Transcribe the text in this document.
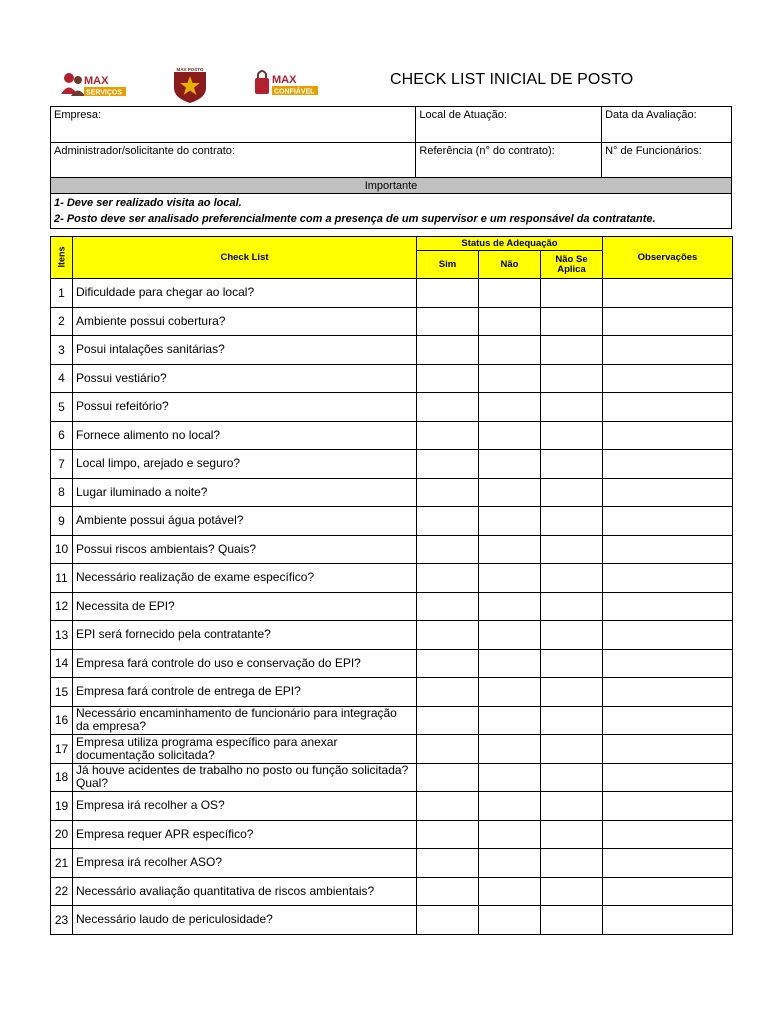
MAX
SERVIÇOS
MAX POSTO
MAX
CONFIÁVEL
CHECK LIST INICIAL DE POSTO
Empresa:	Local de Atuação:	Data da Avaliação:
Administrador/solicitante do contrato:	Referência (n° do contrato):	N° de Funcionários:
Importante

1- Deve ser realizado visita ao local.
2- Posto deve ser analisado preferencialmente com a presença de um supervisor e um responsável da contratante.
Itens	Check List	Status de Adequação			Observações
		Sim	Não	Não Se Aplica	
1	Dificuldade para chegar ao local?				
2	Ambiente possui cobertura?				
3	Posui intalações sanitárias?				
4	Possui vestiário?				
5	Possui refeitório?				
6	Fornece alimento no local?				
7	Local limpo, arejado e seguro?				
8	Lugar iluminado a noite?				
9	Ambiente possui água potável?				
10	Possui riscos ambientais? Quais?				
11	Necessário realização de exame específico?				
12	Necessita de EPI?				
13	EPI será fornecido pela contratante?				
14	Empresa fará controle do uso e conservação do EPI?				
15	Empresa fará controle de entrega de EPI?				
16	Necessário encaminhamento de funcionário para integração da empresa?				
17	Empresa utiliza programa específico para anexar documentação solicitada?				
18	Já houve acidentes de trabalho no posto ou função solicitada? Qual?				
19	Empresa irá recolher a OS?				
20	Empresa requer APR específico?				
21	Empresa irá recolher ASO?				
22	Necessário avaliação quantitativa de riscos ambientais?				
23	Necessário laudo de periculosidade?				
